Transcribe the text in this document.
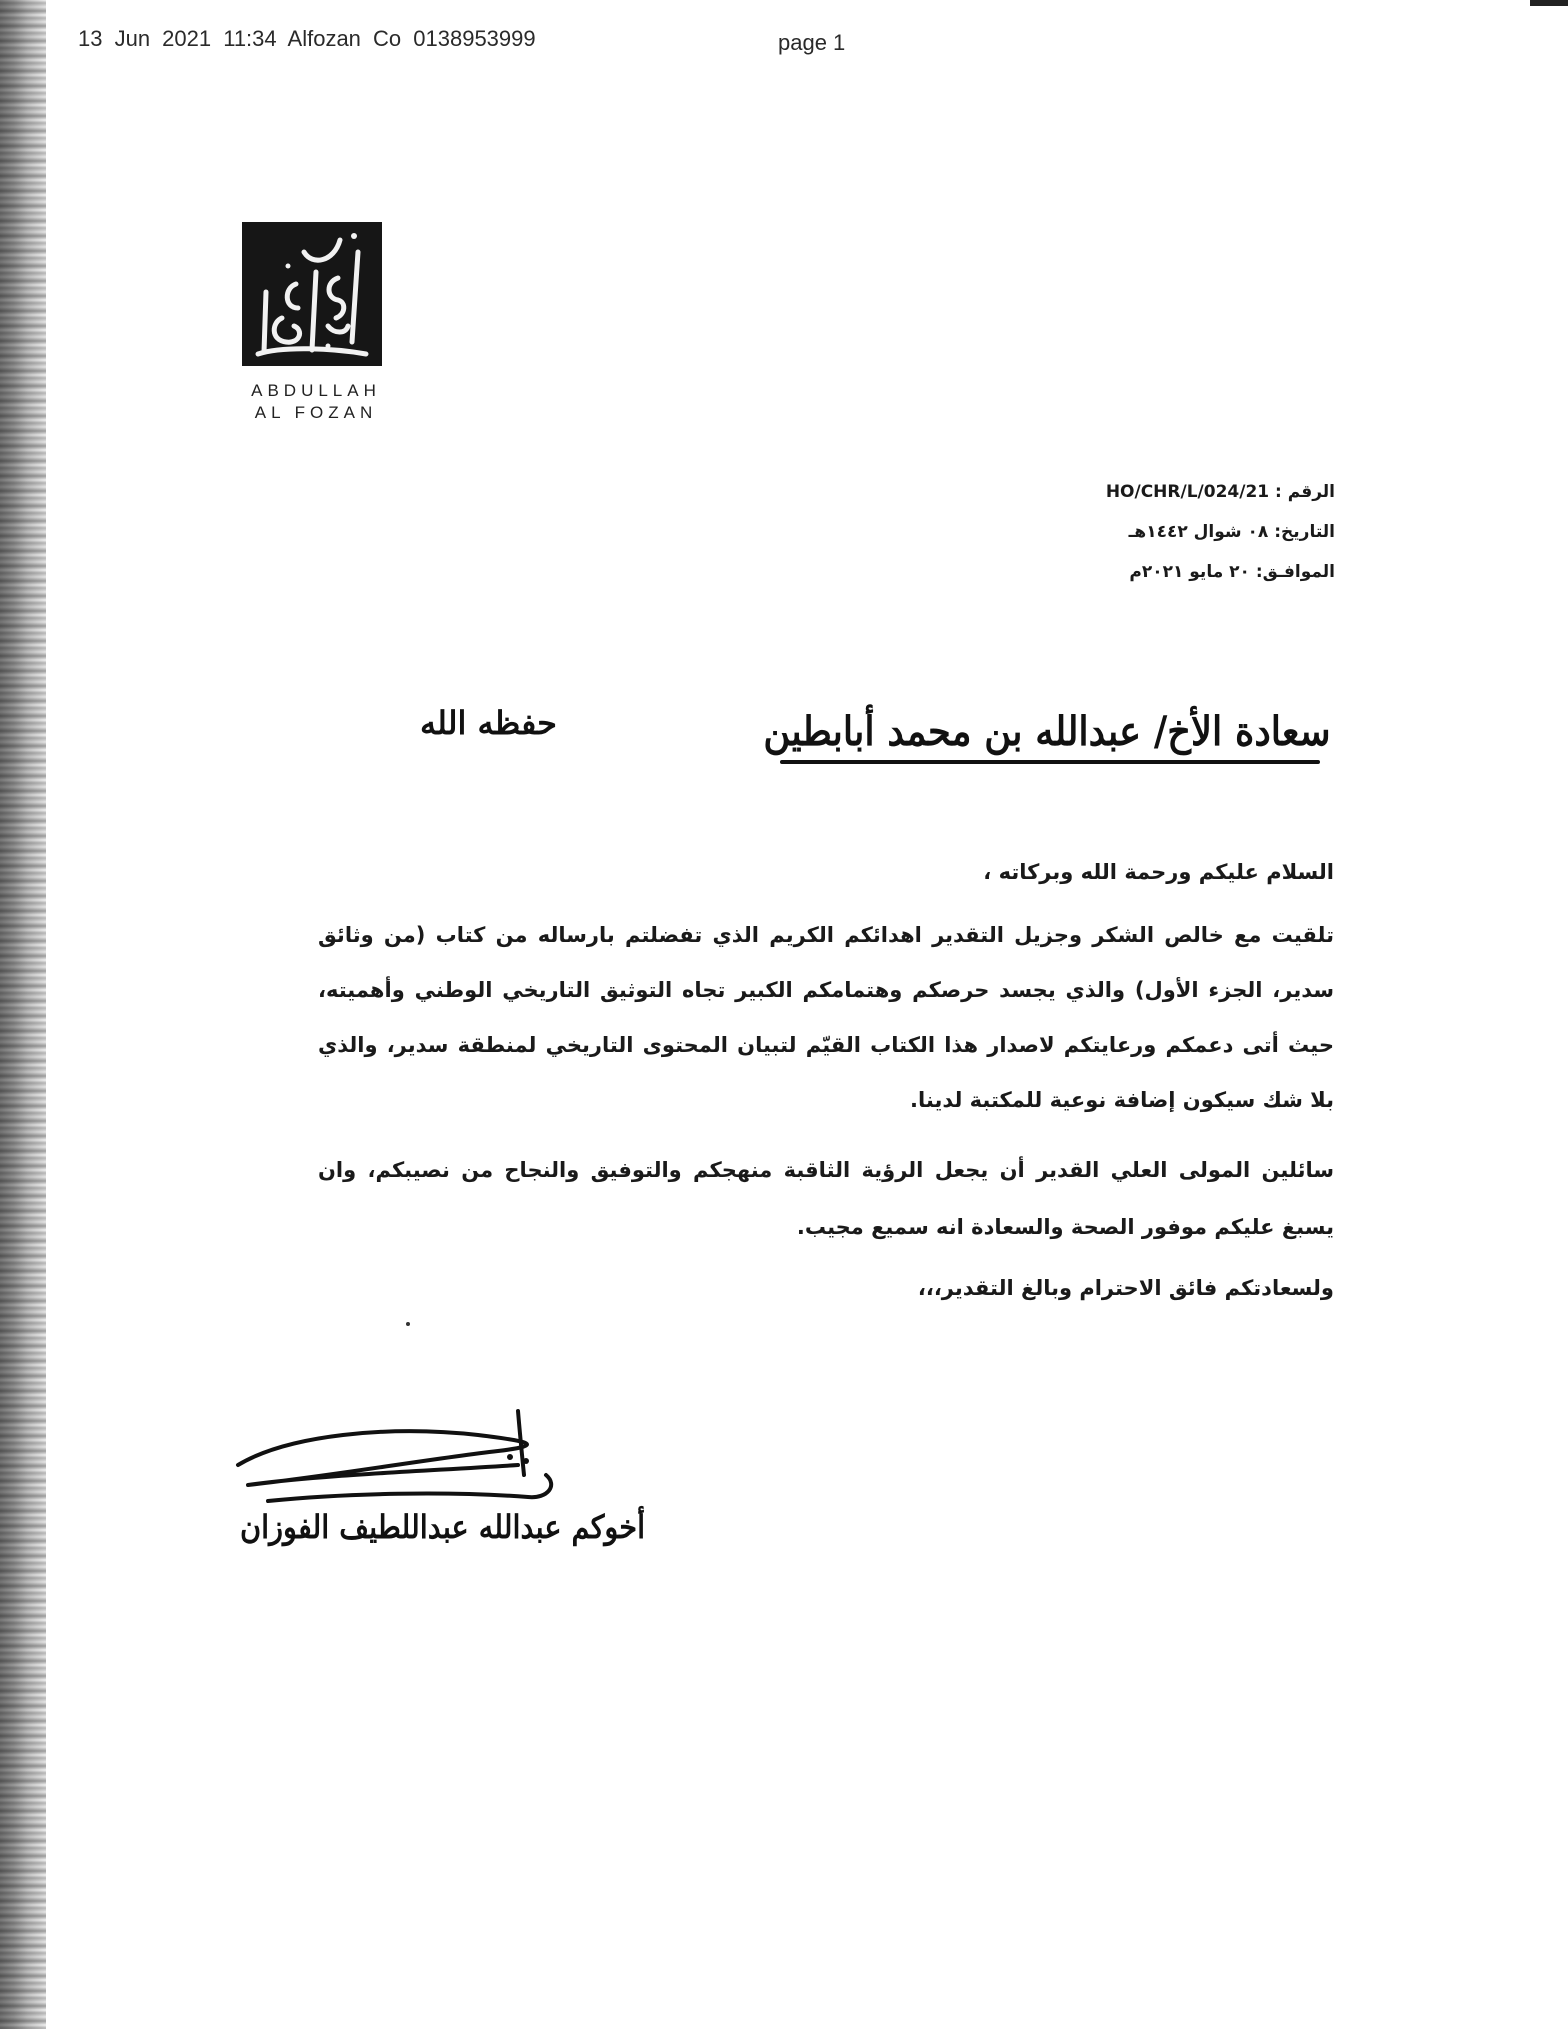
13 Jun 2021 11:34 Alfozan Co 0138953999	page 1
ABDULLAH
AL FOZAN
الرقم : HO/CHR/L/024/21
التاريخ: ٠٨ شوال ١٤٤٢هـ
الموافـق: ٢٠ مايو ٢٠٢١م
سعادة الأخ/ عبدالله بن محمد أبابطين
حفظه الله

السلام عليكم ورحمة الله وبركاته ،

تلقيت مع خالص الشكر وجزيل التقدير اهدائكم الكريم الذي تفضلتم بارساله من كتاب (من وثائق سدير، الجزء الأول) والذي يجسد حرصكم وهتمامكم الكبير تجاه التوثيق التاريخي الوطني وأهميته، حيث أتى دعمكم ورعايتكم لاصدار هذا الكتاب القيّم لتبيان المحتوى التاريخي لمنطقة سدير، والذي بلا شك سيكون إضافة نوعية للمكتبة لدينا.

سائلين المولى العلي القدير أن يجعل الرؤية الثاقبة منهجكم والتوفيق والنجاح من نصيبكم، وان يسبغ عليكم موفور الصحة والسعادة انه سميع مجيب.

ولسعادتكم فائق الاحترام وبالغ التقدير،،،

أخوكم عبدالله عبداللطيف الفوزان
